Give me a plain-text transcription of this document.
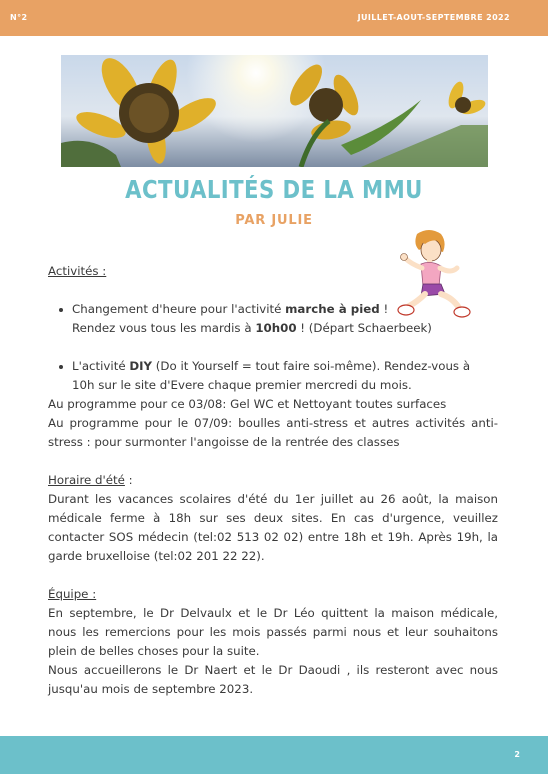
N°2	JUILLET-AOUT-SEPTEMBRE 2022
ACTUALITÉS DE LA MMU
PAR JULIE

Activités :

Changement d'heure pour l'activité marche à pied !
Rendez vous tous les mardis à 10h00 ! (Départ Schaerbeek)
L'activité DIY (Do it Yourself = tout faire soi-même). Rendez-vous à
10h sur le site d'Evere chaque premier mercredi du mois.

Au programme pour ce 03/08: Gel WC et Nettoyant toutes surfaces

Au programme pour le 07/09: boulles anti-stress et autres activités anti-stress : pour surmonter l'angoisse de la rentrée des classes

Horaire d'été :

Durant les vacances scolaires d'été du 1er juillet au 26 août, la maison médicale ferme à 18h sur ses deux sites. En cas d'urgence, veuillez contacter SOS médecin (tel:02 513 02 02) entre 18h et 19h. Après 19h, la garde bruxelloise (tel:02 201 22 22).

Équipe :

En septembre, le Dr Delvaulx et le Dr Léo quittent la maison médicale, nous les remercions pour les mois passés parmi nous et leur souhaitons plein de belles choses pour la suite.

Nous accueillerons le Dr Naert et le Dr Daoudi , ils resteront avec nous jusqu'au mois de septembre 2023.

2
